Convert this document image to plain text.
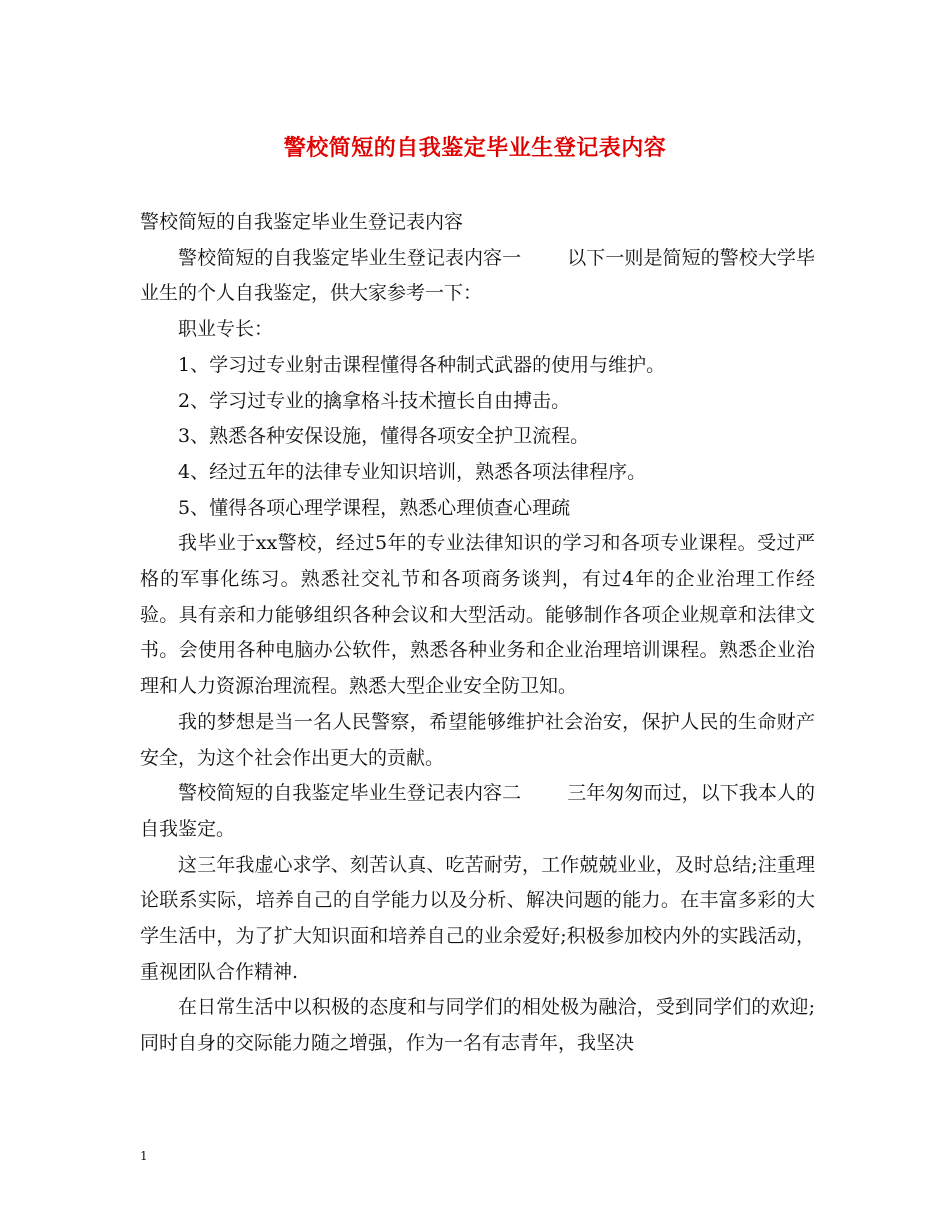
警校简短的自我鉴定毕业生登记表内容

警校简短的自我鉴定毕业生登记表内容

警校简短的自我鉴定毕业生登记表内容一 以下一则是简短的警校大学毕业生的个人自我鉴定，供大家参考一下：

职业专长：

1、学习过专业射击课程懂得各种制式武器的使用与维护。

2、学习过专业的擒拿格斗技术擅长自由搏击。

3、熟悉各种安保设施，懂得各项安全护卫流程。

4、经过五年的法律专业知识培训，熟悉各项法律程序。

5、懂得各项心理学课程，熟悉心理侦查心理疏

我毕业于xx警校，经过5年的专业法律知识的学习和各项专业课程。受过严格的军事化练习。熟悉社交礼节和各项商务谈判，有过4年的企业治理工作经验。具有亲和力能够组织各种会议和大型活动。能够制作各项企业规章和法律文书。会使用各种电脑办公软件，熟悉各种业务和企业治理培训课程。熟悉企业治理和人力资源治理流程。熟悉大型企业安全防卫知。

我的梦想是当一名人民警察，希望能够维护社会治安，保护人民的生命财产安全，为这个社会作出更大的贡献。

警校简短的自我鉴定毕业生登记表内容二 三年匆匆而过，以下我本人的自我鉴定。

这三年我虚心求学、刻苦认真、吃苦耐劳，工作兢兢业业，及时总结;注重理论联系实际，培养自己的自学能力以及分析、解决问题的能力。在丰富多彩的大学生活中，为了扩大知识面和培养自己的业余爱好;积极参加校内外的实践活动，重视团队合作精神.

在日常生活中以积极的态度和与同学们的相处极为融洽，受到同学们的欢迎;同时自身的交际能力随之增强，作为一名有志青年，我坚决

1
